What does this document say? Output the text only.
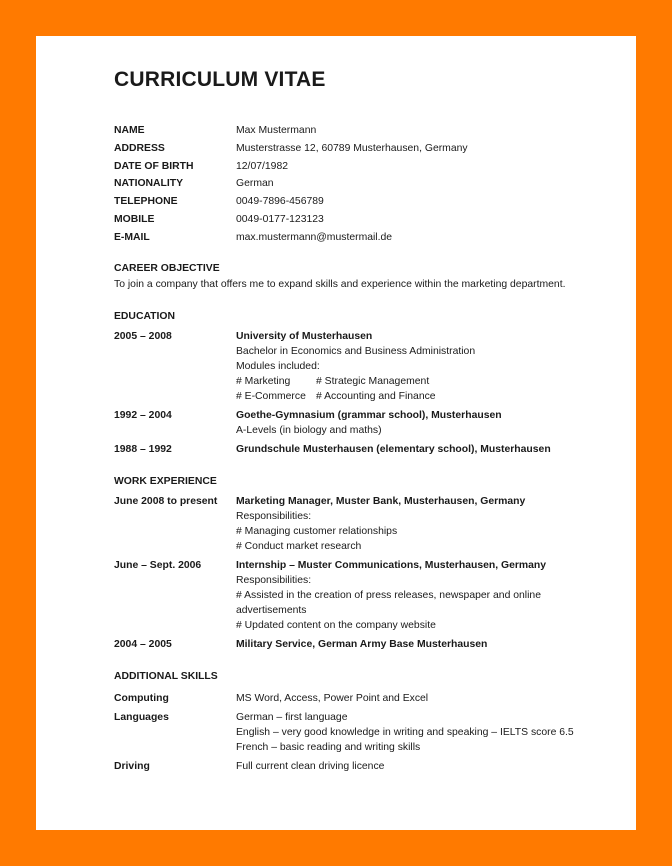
CURRICULUM VITAE
NAME	Max Mustermann
ADDRESS	Musterstrasse 12, 60789 Musterhausen, Germany
DATE OF BIRTH	12/07/1982
NATIONALITY	German
TELEPHONE	0049-7896-456789
MOBILE	0049-0177-123123
E-MAIL	max.mustermann@mustermail.de
CAREER OBJECTIVE
To join a company that offers me to expand skills and experience within the marketing department.
EDUCATION
2005 – 2008	University of Musterhausen
Bachelor in Economics and Business Administration
Modules included:
# Marketing # Strategic Management
# E-Commerce # Accounting and Finance
1992 – 2004	Goethe-Gymnasium (grammar school), Musterhausen
A-Levels (in biology and maths)
1988 – 1992	Grundschule Musterhausen (elementary school), Musterhausen
WORK EXPERIENCE
June 2008 to present	Marketing Manager, Muster Bank, Musterhausen, Germany
Responsibilities:
# Managing customer relationships
# Conduct market research
June – Sept. 2006	Internship – Muster Communications, Musterhausen, Germany
Responsibilities:
# Assisted in the creation of press releases, newspaper and online
advertisements
# Updated content on the company website
2004 – 2005	Military Service, German Army Base Musterhausen
ADDITIONAL SKILLS
Computing	MS Word, Access, Power Point and Excel
Languages	German – first language
English – very good knowledge in writing and speaking – IELTS score 6.5
French – basic reading and writing skills
Driving	Full current clean driving licence
